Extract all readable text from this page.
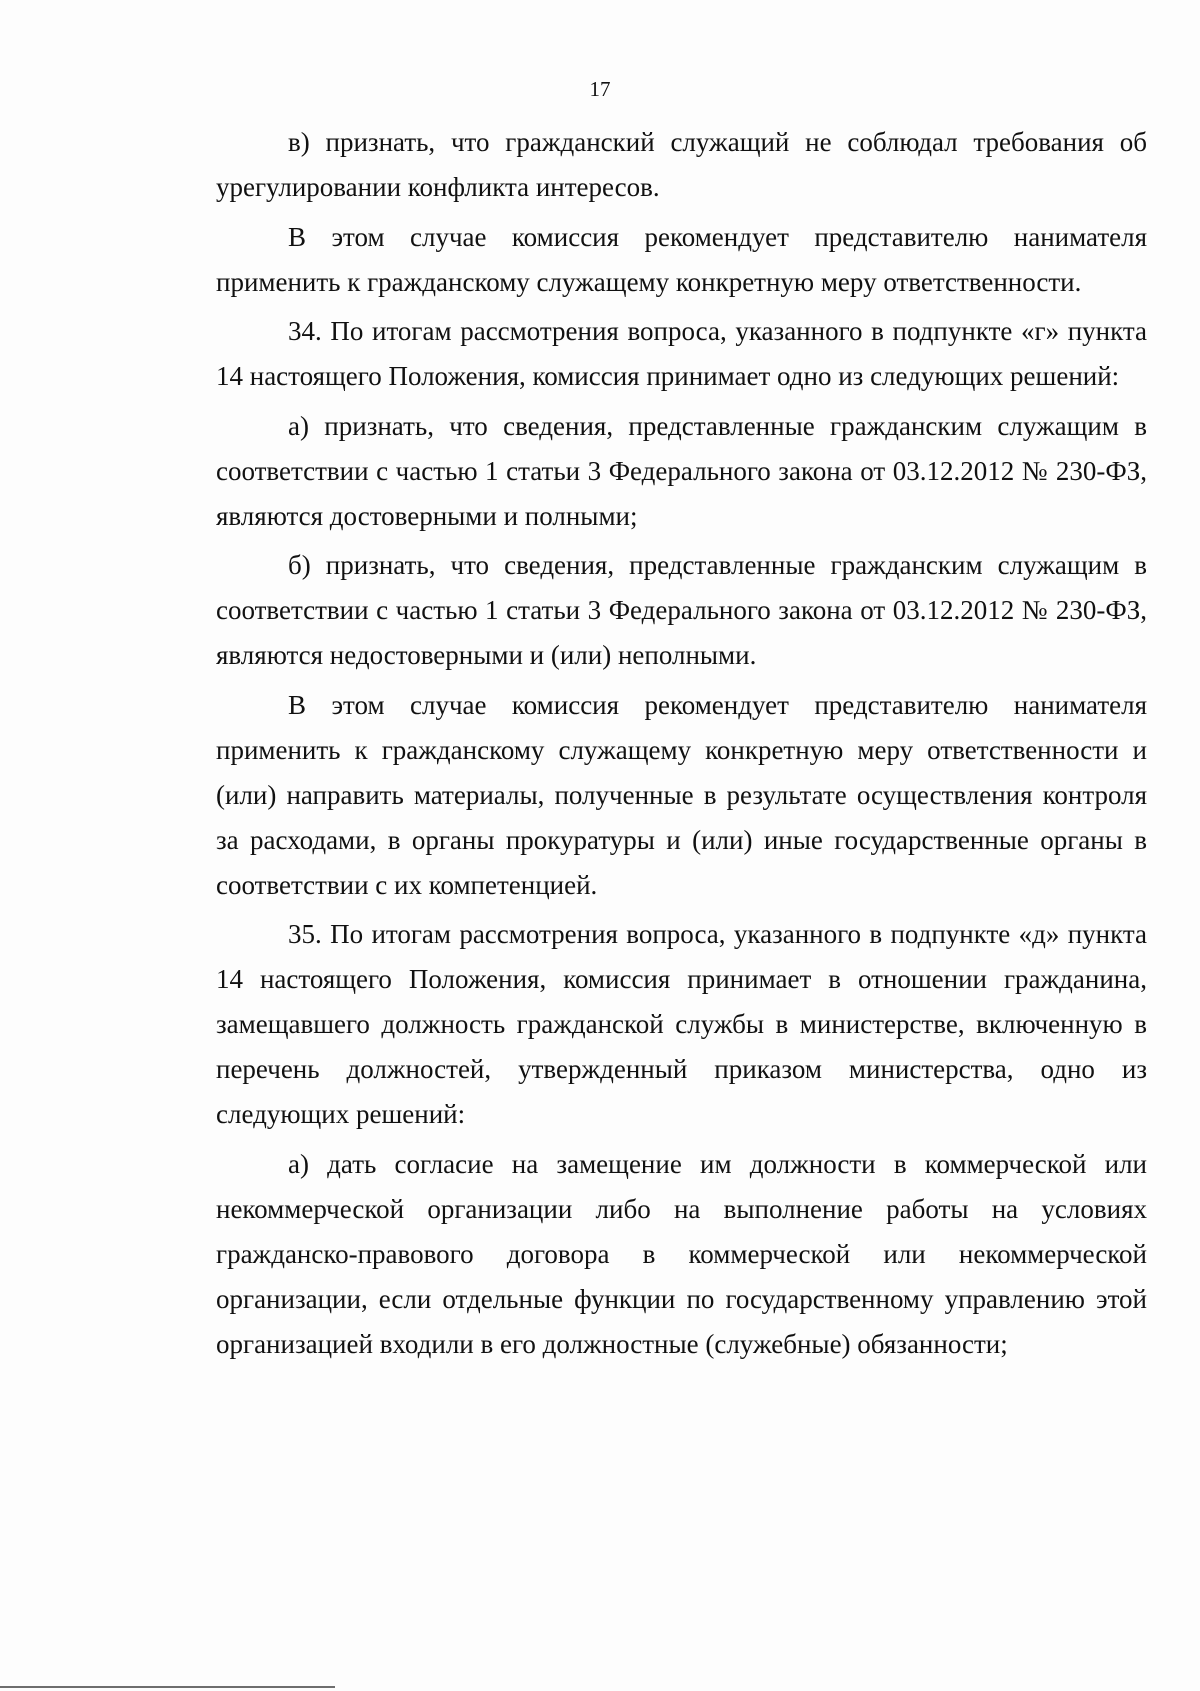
17

в) признать, что гражданский служащий не соблюдал требования об урегулировании конфликта интересов.

В этом случае комиссия рекомендует представителю нанимателя применить к гражданскому служащему конкретную меру ответственности.

34. По итогам рассмотрения вопроса, указанного в подпункте «г» пункта 14 настоящего Положения, комиссия принимает одно из следующих решений:

а) признать, что сведения, представленные гражданским служащим в соответствии с частью 1 статьи 3 Федерального закона от 03.12.2012 № 230-ФЗ, являются достоверными и полными;

б) признать, что сведения, представленные гражданским служащим в соответствии с частью 1 статьи 3 Федерального закона от 03.12.2012 № 230-ФЗ, являются недостоверными и (или) неполными.

В этом случае комиссия рекомендует представителю нанимателя применить к гражданскому служащему конкретную меру ответственности и (или) направить материалы, полученные в результате осуществления контроля за расходами, в органы прокуратуры и (или) иные государственные органы в соответствии с их компетенцией.

35. По итогам рассмотрения вопроса, указанного в подпункте «д» пункта 14 настоящего Положения, комиссия принимает в отношении гражданина, замещавшего должность гражданской службы в министерстве, включенную в перечень должностей, утвержденный приказом министерства, одно из следующих решений:

а) дать согласие на замещение им должности в коммерческой или некоммерческой организации либо на выполнение работы на условиях гражданско-правового договора в коммерческой или некоммерческой организации, если отдельные функции по государственному управлению этой организацией входили в его должностные (служебные) обязанности;
